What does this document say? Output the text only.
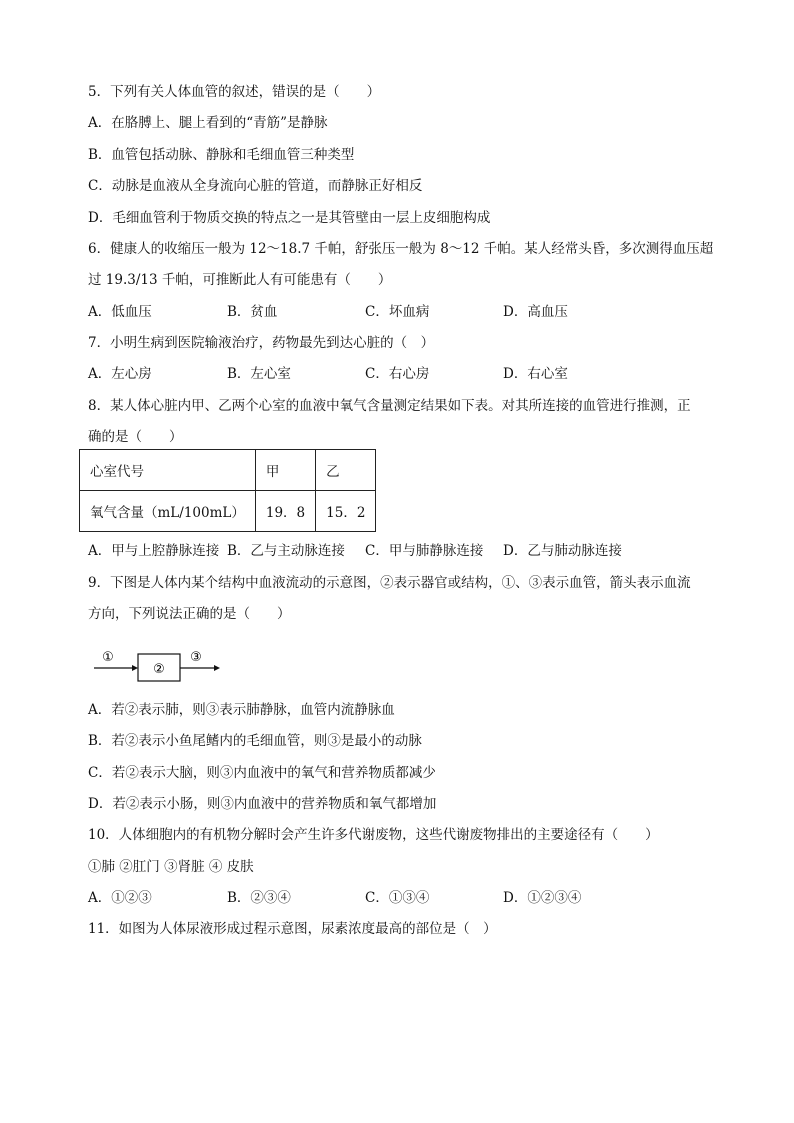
5．下列有关人体血管的叙述，错误的是（　　）
A．在胳膊上、腿上看到的“青筋”是静脉
B．血管包括动脉、静脉和毛细血管三种类型
C．动脉是血液从全身流向心脏的管道，而静脉正好相反
D．毛细血管利于物质交换的特点之一是其管壁由一层上皮细胞构成
6．健康人的收缩压一般为 12～18.7 千帕，舒张压一般为 8～12 千帕。某人经常头昏，多次测得血压超
过 19.3/13 千帕，可推断此人有可能患有（　　）
A．低血压	B．贫血	C．坏血病	D．高血压
7．小明生病到医院输液治疗，药物最先到达心脏的（　）
A．左心房	B．左心室	C．右心房	D．右心室
8．某人体心脏内甲、乙两个心室的血液中氧气含量测定结果如下表。对其所连接的血管进行推测，正
确的是（　　）
心室代号	甲	乙
氧气含量（mL/100mL）	19．8	15．2
A．甲与上腔静脉连接 B．乙与主动脉连接 C．甲与肺静脉连接 D．乙与肺动脉连接
9．下图是人体内某个结构中血液流动的示意图，②表示器官或结构，①、③表示血管，箭头表示血流
方向，下列说法正确的是（　　）
①
②
③
A．若②表示肺，则③表示肺静脉，血管内流静脉血
B．若②表示小鱼尾鳍内的毛细血管，则③是最小的动脉
C．若②表示大脑，则③内血液中的氧气和营养物质都减少
D．若②表示小肠，则③内血液中的营养物质和氧气都增加
10．人体细胞内的有机物分解时会产生许多代谢废物，这些代谢废物排出的主要途径有（　　）
①肺 ②肛门 ③肾脏 ④ 皮肤
A．①②③	B．②③④	C．①③④	D．①②③④
11．如图为人体尿液形成过程示意图，尿素浓度最高的部位是（　）
